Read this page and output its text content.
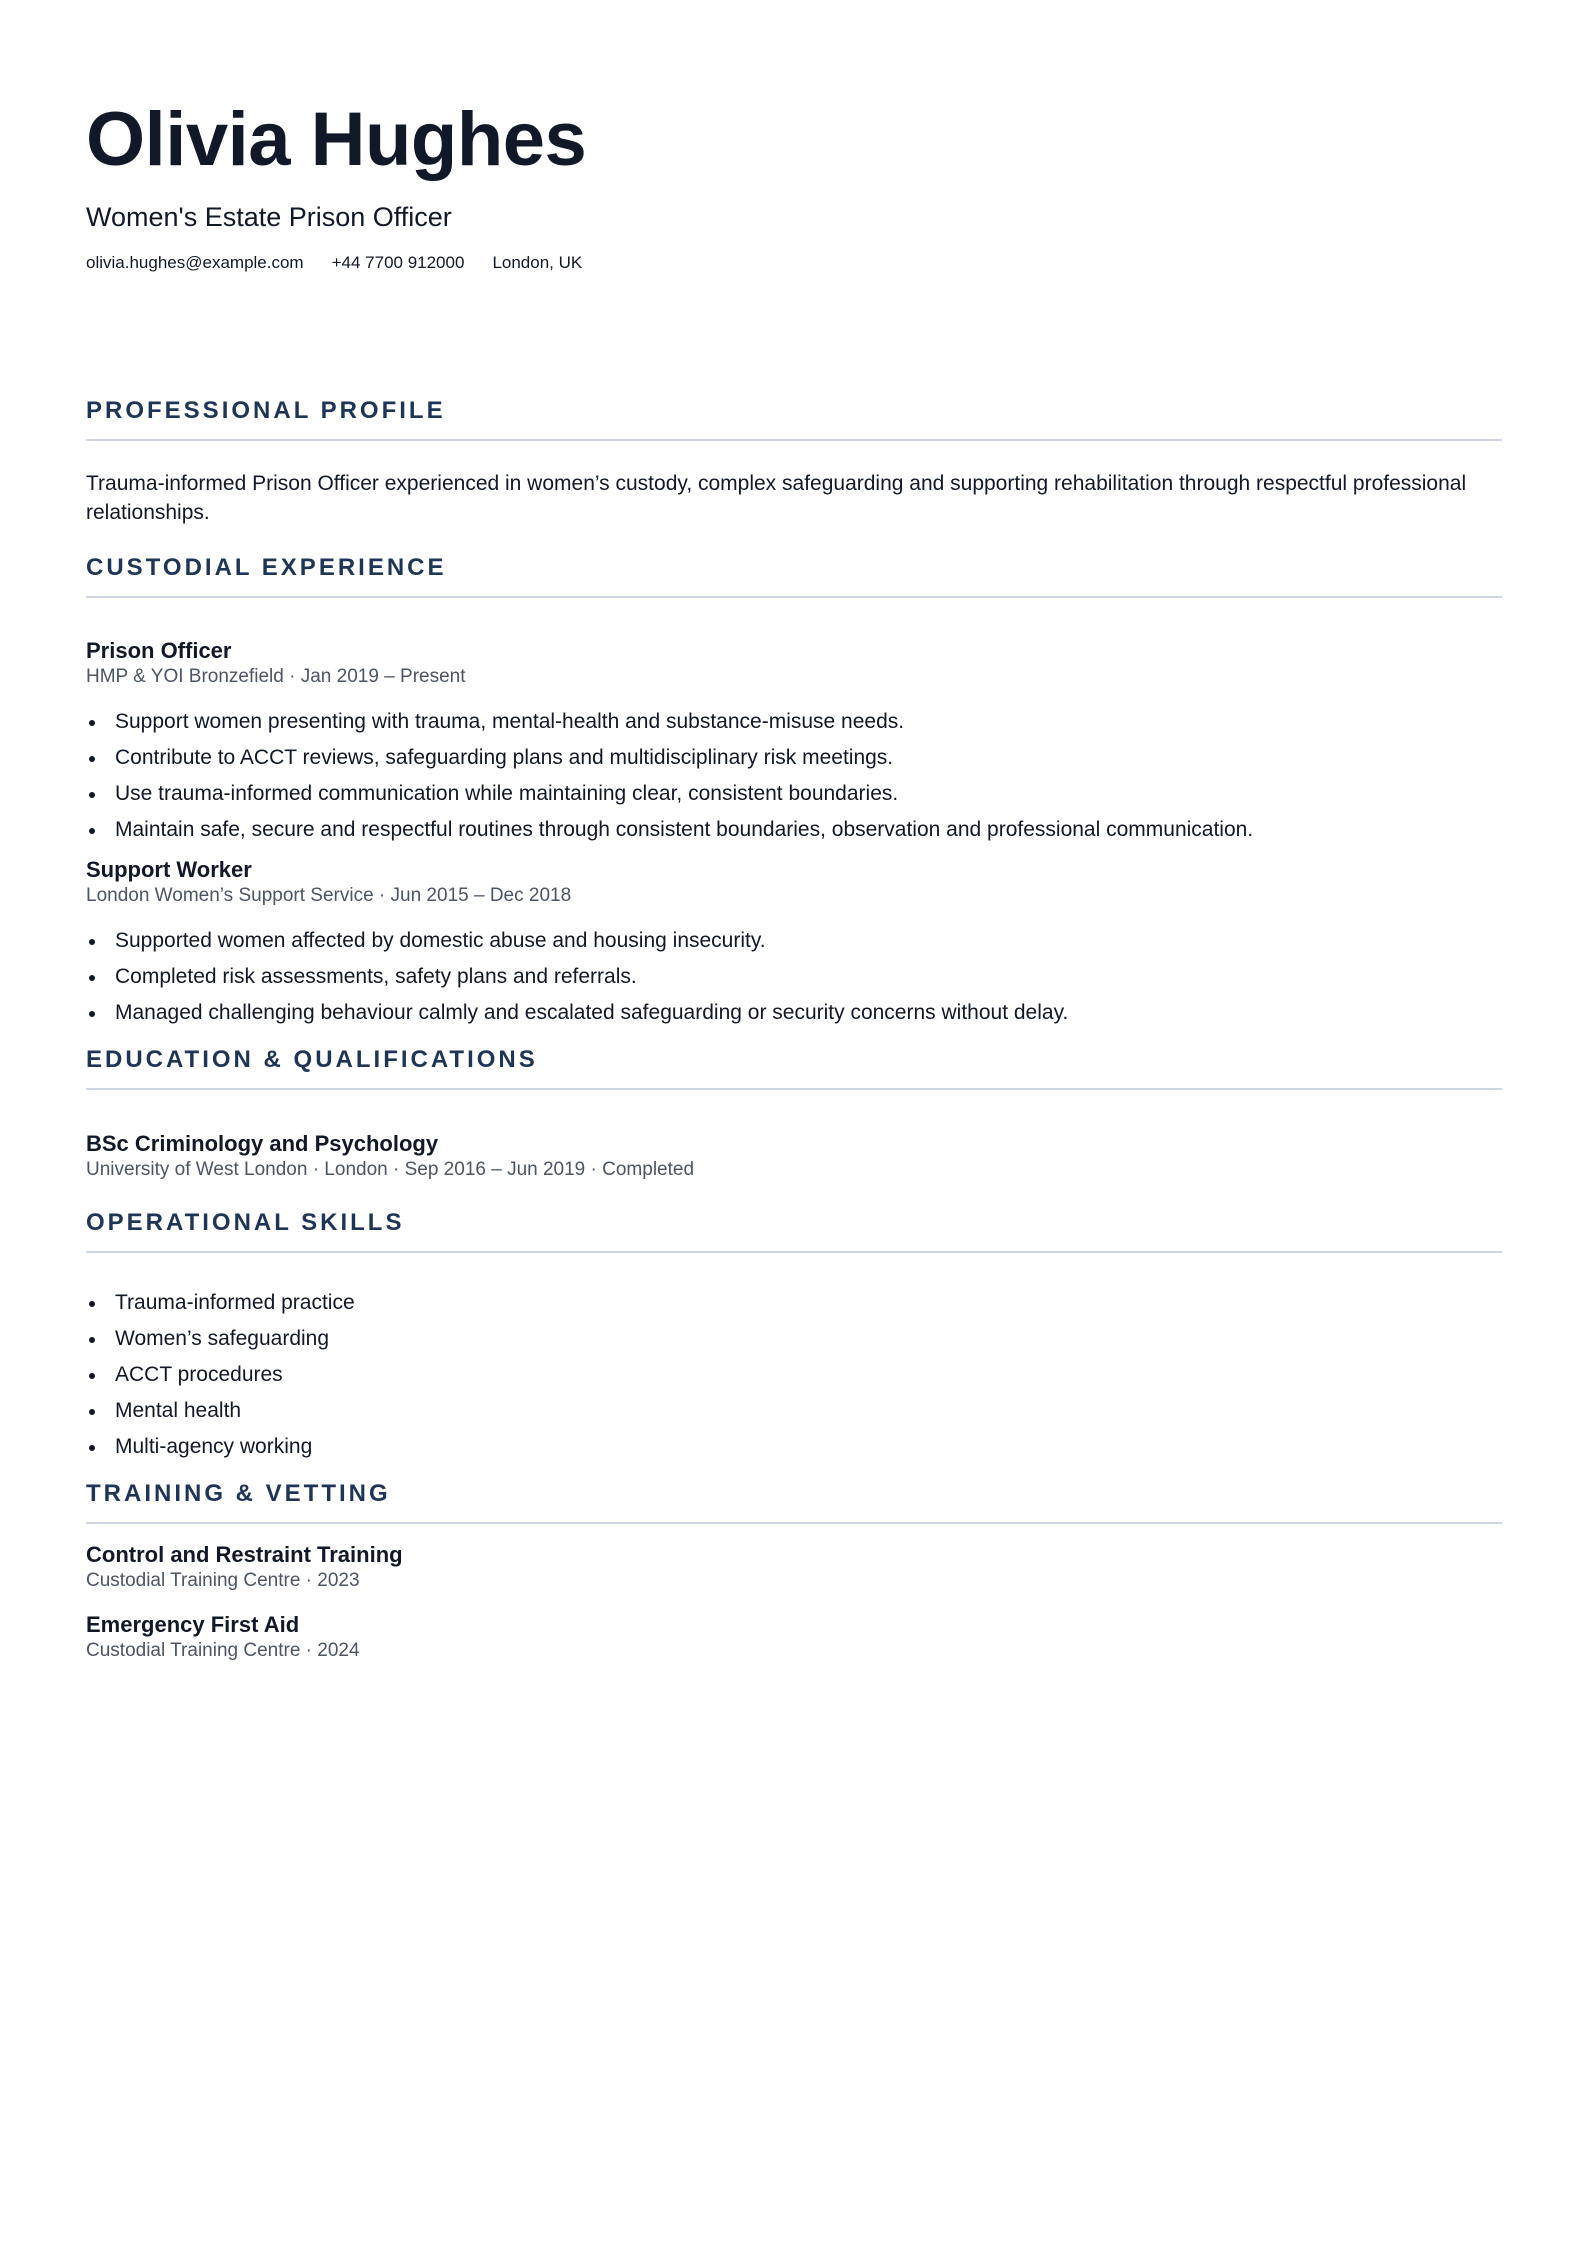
Olivia Hughes
Women's Estate Prison Officer
olivia.hughes@example.com +44 7700 912000 London, UK
PROFESSIONAL PROFILE
Trauma-informed Prison Officer experienced in women’s custody, complex safeguarding and supporting rehabilitation through respectful professional relationships.
CUSTODIAL EXPERIENCE
Prison Officer
HMP & YOI Bronzefield · Jan 2019 – Present
Support women presenting with trauma, mental-health and substance-misuse needs.
Contribute to ACCT reviews, safeguarding plans and multidisciplinary risk meetings.
Use trauma-informed communication while maintaining clear, consistent boundaries.
Maintain safe, secure and respectful routines through consistent boundaries, observation and professional communication.
Support Worker
London Women’s Support Service · Jun 2015 – Dec 2018
Supported women affected by domestic abuse and housing insecurity.
Completed risk assessments, safety plans and referrals.
Managed challenging behaviour calmly and escalated safeguarding or security concerns without delay.
EDUCATION & QUALIFICATIONS
BSc Criminology and Psychology
University of West London · London · Sep 2016 – Jun 2019 · Completed
OPERATIONAL SKILLS
Trauma-informed practice
Women’s safeguarding
ACCT procedures
Mental health
Multi-agency working
TRAINING & VETTING
Control and Restraint Training
Custodial Training Centre · 2023
Emergency First Aid
Custodial Training Centre · 2024
